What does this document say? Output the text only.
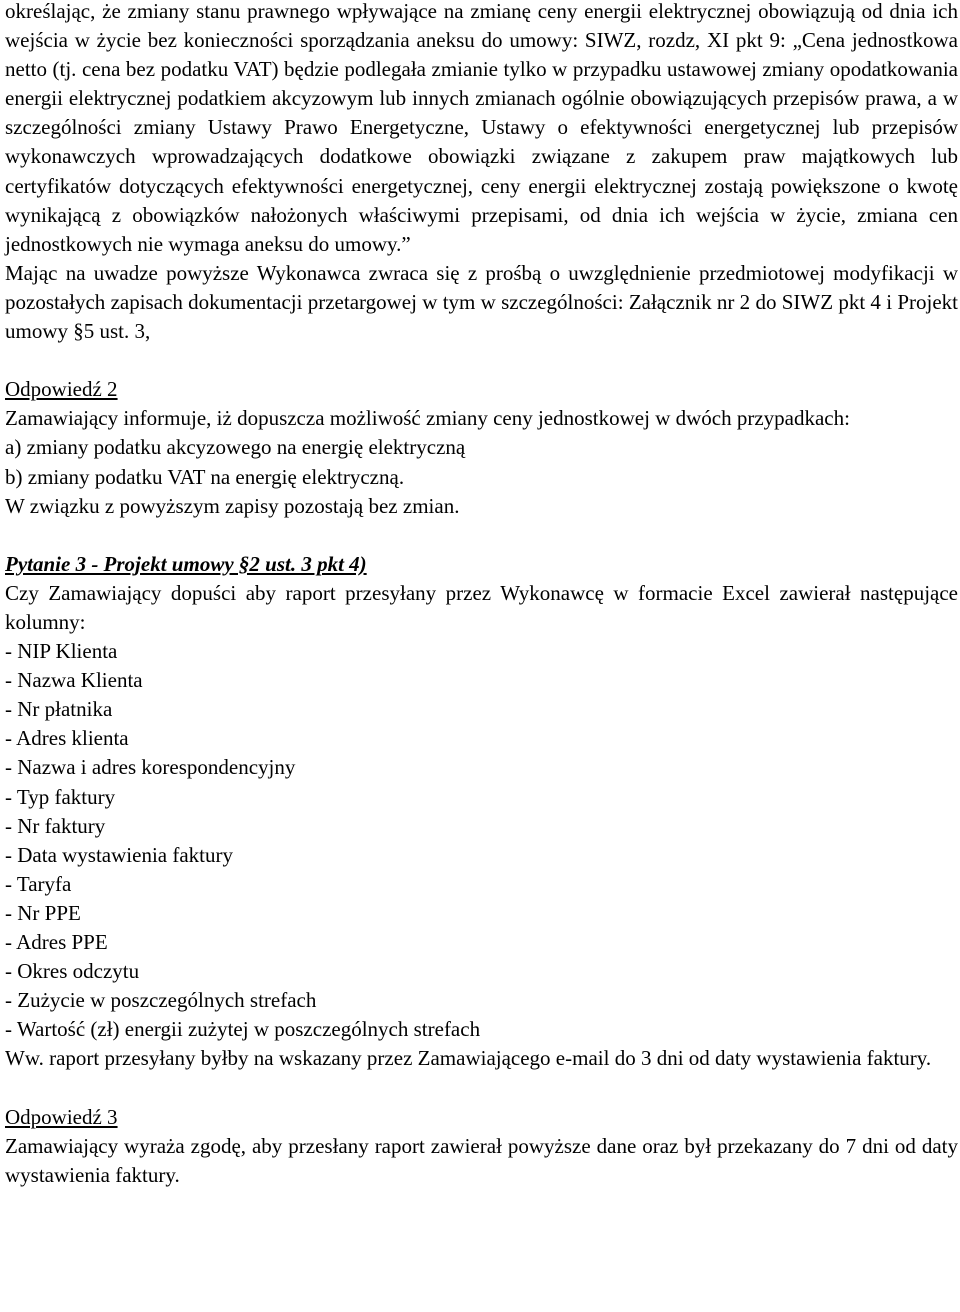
określając, że zmiany stanu prawnego wpływające na zmianę ceny energii elektrycznej obowiązują od dnia ich wejścia w życie bez konieczności sporządzania aneksu do umowy: SIWZ, rozdz, XI pkt 9: „Cena jednostkowa netto (tj. cena bez podatku VAT) będzie podlegała zmianie tylko w przypadku ustawowej zmiany opodatkowania energii elektrycznej podatkiem akcyzowym lub innych zmianach ogólnie obowiązujących przepisów prawa, a w szczególności zmiany Ustawy Prawo Energetyczne, Ustawy o efektywności energetycznej lub przepisów wykonawczych wprowadzających dodatkowe obowiązki związane z zakupem praw majątkowych lub certyfikatów dotyczących efektywności energetycznej, ceny energii elektrycznej zostają powiększone o kwotę wynikającą z obowiązków nałożonych właściwymi przepisami, od dnia ich wejścia w życie, zmiana cen jednostkowych nie wymaga aneksu do umowy.”

Mając na uwadze powyższe Wykonawca zwraca się z prośbą o uwzględnienie przedmiotowej modyfikacji w pozostałych zapisach dokumentacji przetargowej w tym w szczególności: Załącznik nr 2 do SIWZ pkt 4 i Projekt umowy §5 ust. 3,

Odpowiedź 2

Zamawiający informuje, iż dopuszcza możliwość zmiany ceny jednostkowej w dwóch przypadkach:

a) zmiany podatku akcyzowego na energię elektryczną

b) zmiany podatku VAT na energię elektryczną.

W związku z powyższym zapisy pozostają bez zmian.

Pytanie 3 - Projekt umowy §2 ust. 3 pkt 4)

Czy Zamawiający dopuści aby raport przesyłany przez Wykonawcę w formacie Excel zawierał następujące kolumny:

- NIP Klienta
- Nazwa Klienta
- Nr płatnika
- Adres klienta
- Nazwa i adres korespondencyjny
- Typ faktury
- Nr faktury
- Data wystawienia faktury
- Taryfa
- Nr PPE
- Adres PPE
- Okres odczytu
- Zużycie w poszczególnych strefach
- Wartość (zł) energii zużytej w poszczególnych strefach

Ww. raport przesyłany byłby na wskazany przez Zamawiającego e-mail do 3 dni od daty wystawienia faktury.

Odpowiedź 3

Zamawiający wyraża zgodę, aby przesłany raport zawierał powyższe dane oraz był przekazany do 7 dni od daty wystawienia faktury.
